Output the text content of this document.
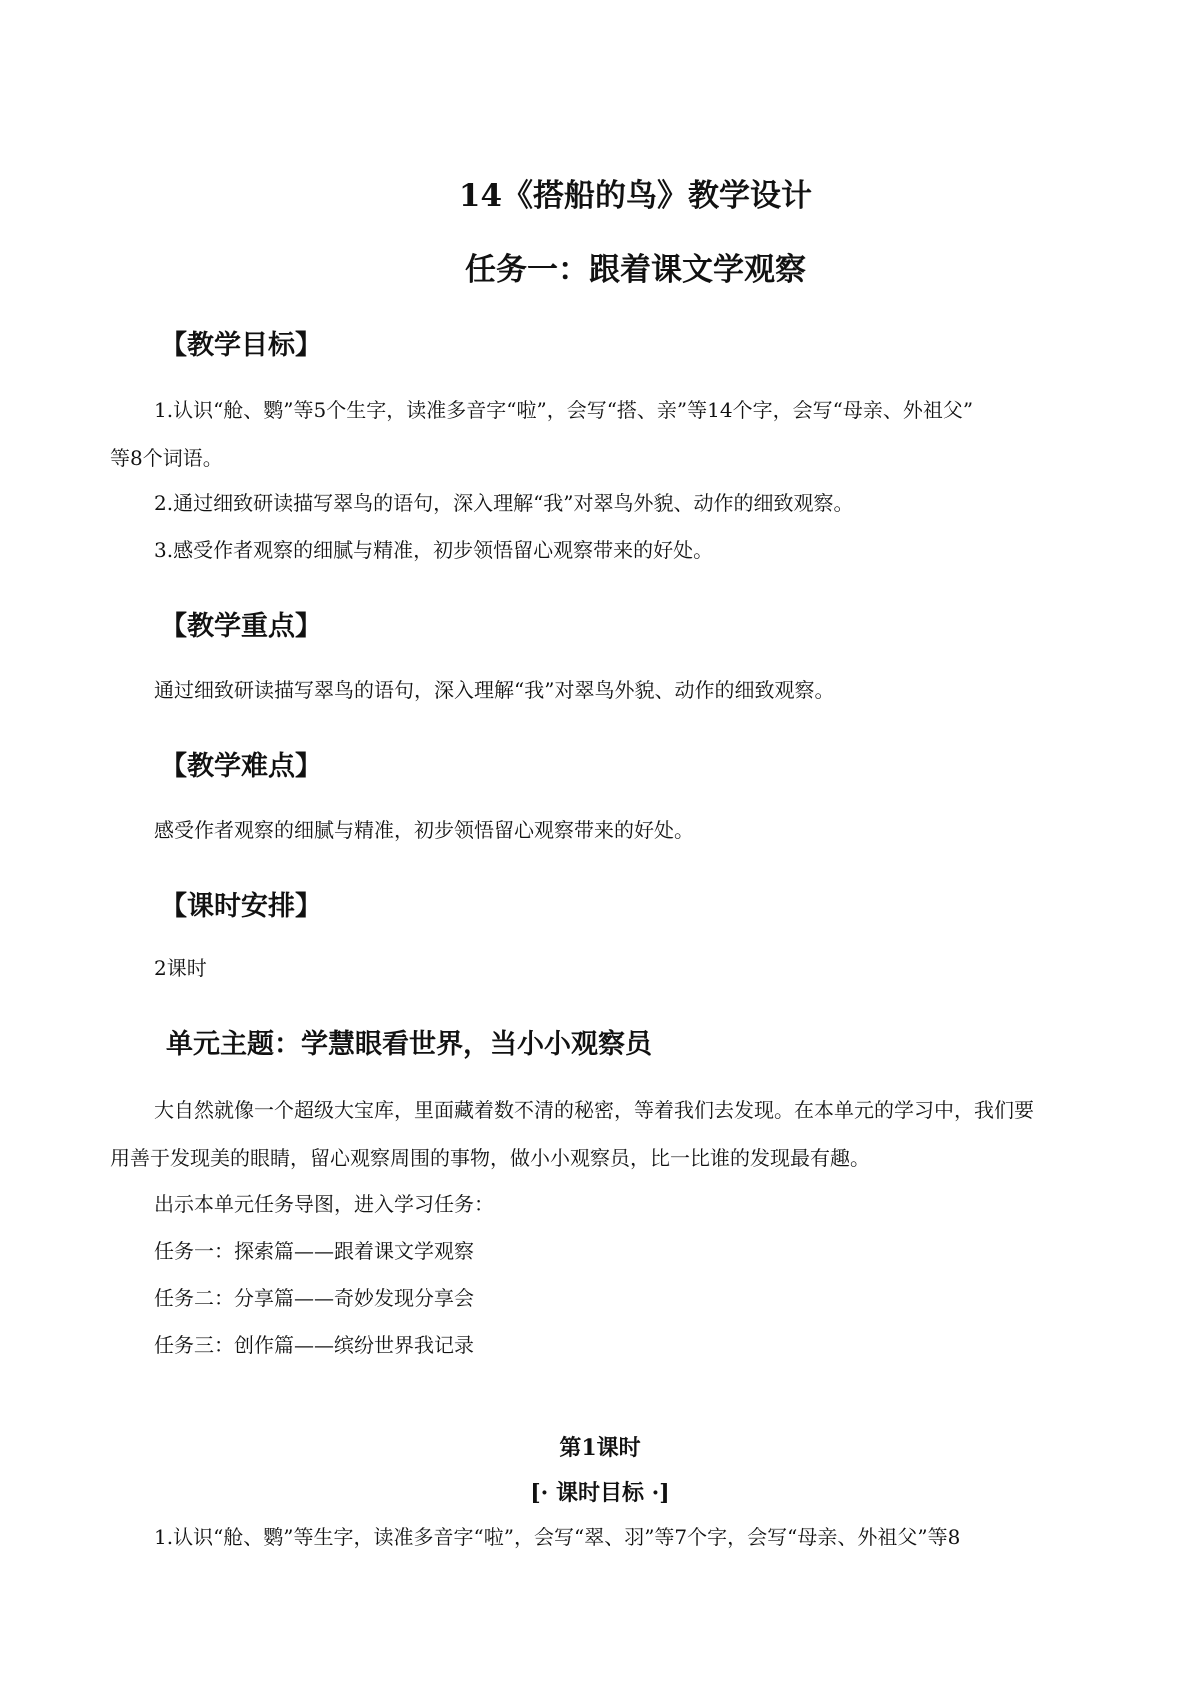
14《搭船的鸟》教学设计
任务一：跟着课文学观察
【教学目标】
1.认识“舱、鹦”等5个生字，读准多音字“啦”，会写“搭、亲”等14个字，会写“母亲、外祖父”
等8个词语。
2.通过细致研读描写翠鸟的语句，深入理解“我”对翠鸟外貌、动作的细致观察。
3.感受作者观察的细腻与精准，初步领悟留心观察带来的好处。
【教学重点】
通过细致研读描写翠鸟的语句，深入理解“我”对翠鸟外貌、动作的细致观察。
【教学难点】
感受作者观察的细腻与精准，初步领悟留心观察带来的好处。
【课时安排】
2课时
单元主题：学慧眼看世界，当小小观察员
大自然就像一个超级大宝库，里面藏着数不清的秘密，等着我们去发现。在本单元的学习中，我们要
用善于发现美的眼睛，留心观察周围的事物，做小小观察员，比一比谁的发现最有趣。
出示本单元任务导图，进入学习任务：
任务一：探索篇——跟着课文学观察
任务二：分享篇——奇妙发现分享会
任务三：创作篇——缤纷世界我记录
第1课时
[· 课时目标 ·]
1.认识“舱、鹦”等生字，读准多音字“啦”，会写“翠、羽”等7个字，会写“母亲、外祖父”等8
